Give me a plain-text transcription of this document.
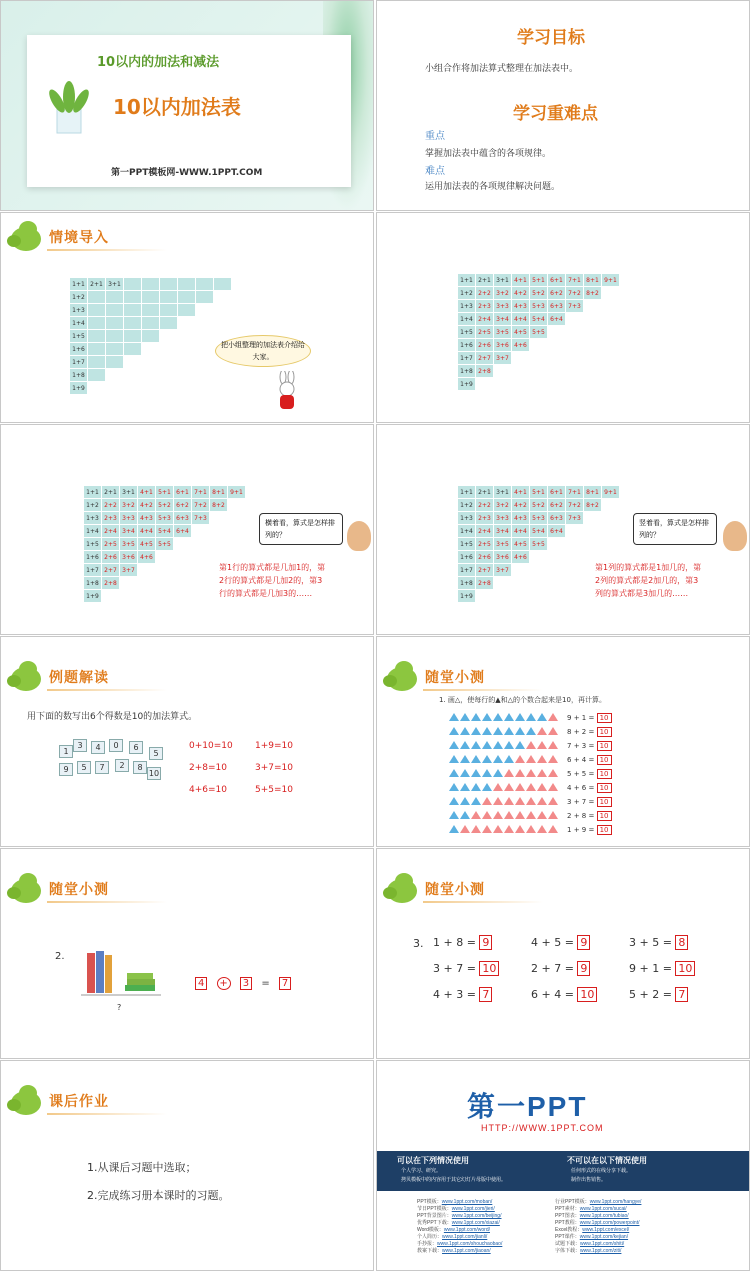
10以内的加法和减法
10以内加法表
第一PPT模板网-WWW.1PPT.COM
学习目标
小组合作将加法算式整理在加法表中。
学习重难点
重点
掌握加法表中蕴含的各项规律。
难点
运用加法表的各项规律解决问题。
情境导入
1+1	2+1	3+1						
1+2								
1+3								
1+4								
1+5								
1+6								
1+7								
1+8								
1+9								
把小组整理的加法表介绍给大家。
1+1	2+1	3+1	4+1	5+1	6+1	7+1	8+1	9+1
1+2	2+2	3+2	4+2	5+2	6+2	7+2	8+2	
1+3	2+3	3+3	4+3	5+3	6+3	7+3		
1+4	2+4	3+4	4+4	5+4	6+4			
1+5	2+5	3+5	4+5	5+5				
1+6	2+6	3+6	4+6					
1+7	2+7	3+7						
1+8	2+8							
1+9								
1+1	2+1	3+1	4+1	5+1	6+1	7+1	8+1	9+1
1+2	2+2	3+2	4+2	5+2	6+2	7+2	8+2	
1+3	2+3	3+3	4+3	5+3	6+3	7+3		
1+4	2+4	3+4	4+4	5+4	6+4			
1+5	2+5	3+5	4+5	5+5				
1+6	2+6	3+6	4+6					
1+7	2+7	3+7						
1+8	2+8							
1+9								
横着看，算式是怎样排列的？
第1行的算式都是几加1的，第2行的算式都是几加2的，第3行的算式都是几加3的……
1+1	2+1	3+1	4+1	5+1	6+1	7+1	8+1	9+1
1+2	2+2	3+2	4+2	5+2	6+2	7+2	8+2	
1+3	2+3	3+3	4+3	5+3	6+3	7+3		
1+4	2+4	3+4	4+4	5+4	6+4			
1+5	2+5	3+5	4+5	5+5				
1+6	2+6	3+6	4+6					
1+7	2+7	3+7						
1+8	2+8							
1+9								
竖着看，算式是怎样排列的？
第1列的算式都是1加几的，第2列的算式都是2加几的，第3列的算式都是3加几的……
例题解读
用下面的数写出6个得数是10的加法算式。
1
3	4	0	6
5
9	5	7	2	8
10
0+10=10 1+9=10
2+8=10	3+7=10
4+6=10	5+5=10
随堂小测
1. 画△，使每行的▲和△的个数合起来是10，再计算。
9 + 1 = 10
8 + 2 = 10
7 + 3 = 10
6 + 4 = 10
5 + 5 = 10
4 + 6 = 10
3 + 7 = 10
2 + 8 = 10
1 + 9 = 10
随堂小测
2.
?
4 + 3 = 7
随堂小测
3. 1 + 8 = 9	4 + 5 = 9	3 + 5 = 8
3 + 7 = 10	2 + 7 = 9	9 + 1 = 10
4 + 3 = 7	6 + 4 = 10	5 + 2 = 7
课后作业
1.从课后习题中选取；
2.完成练习册本课时的习题。
第一PPT
HTTP://WWW.1PPT.COM
可以在下列情况使用
个人学习、研究。
拷贝模板中的内容用于其它幻灯片母版中使用。
不可以在以下情况使用
任何形式的在线分享下载。
制作出售销售。
PPT模板：www.1ppt.com/moban/
节日PPT模板：www.1ppt.com/jieri/
PPT背景图片：www.1ppt.com/beijing/
优秀PPT下载：www.1ppt.com/xiazai/
Word模板：www.1ppt.com/word/
个人简历：www.1ppt.com/jianli/
手抄报：www.1ppt.com/shouchaobao/
教案下载：www.1ppt.com/jiaoan/
行业PPT模板：www.1ppt.com/hangye/
PPT素材：www.1ppt.com/sucai/
PPT图表：www.1ppt.com/tubiao/
PPT教程：www.1ppt.com/powerpoint/
Excel教程：www.1ppt.com/excel/
PPT课件：www.1ppt.com/kejian/
试题下载：www.1ppt.com/shiti/
字体下载：www.1ppt.com/ziti/
